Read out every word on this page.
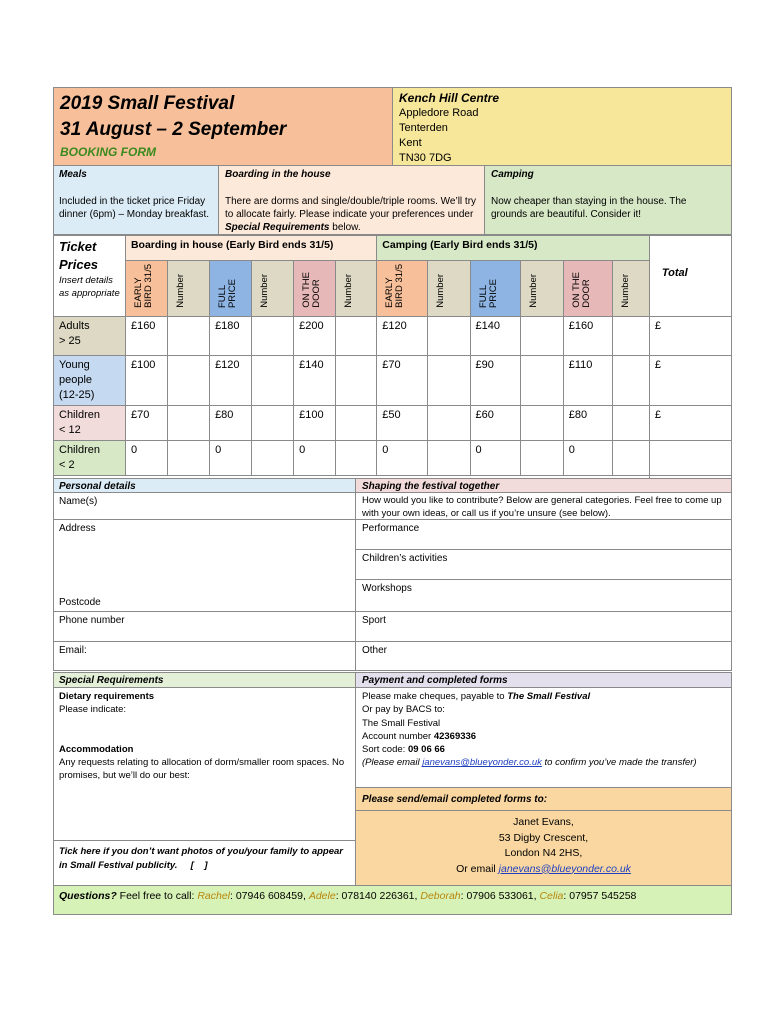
2019 Small Festival
31 August – 2 September
BOOKING FORM
Kench Hill Centre
Appledore Road
Tenterden
Kent
TN30 7DG
Meals
Included in the ticket price Friday dinner (6pm) – Monday breakfast.
Boarding in the house
There are dorms and single/double/triple rooms. We’ll try to allocate fairly. Please indicate your preferences under Special Requirements below.
Camping
Now cheaper than staying in the house. The grounds are beautiful. Consider it!
Ticket
Prices
Insert details as appropriate	Boarding in house (Early Bird ends 31/5)						Camping (Early Bird ends 31/5)						Total
	EARLY
BIRD 31/5	Number	FULL
PRICE	Number	ON THE
DOOR	Number	EARLY
BIRD 31/5	Number	FULL
PRICE	Number	ON THE
DOOR	Number	
Adults
> 25	£160		£180		£200		£120		£140		£160		£
Young
people
(12-25)	£100		£120		£140		£70		£90		£110		£
Children
< 12	£70		£80		£100		£50		£60		£80		£
Children
< 2	0		0		0		0		0		0		

Personal details
Name(s)
Address
Postcode
Phone number
Email:
Shaping the festival together
How would you like to contribute? Below are general categories. Feel free to come up with your own ideas, or call us if you’re unsure (see below).
Performance
Children’s activities
Workshops
Sport
Other
Special Requirements
Dietary requirements
Please indicate:
Accommodation
Any requests relating to allocation of dorm/smaller room spaces. No promises, but we’ll do our best:
Tick here if you don’t want photos of you/your family to appear in Small Festival publicity.     [    ]
Payment and completed forms
Please make cheques, payable to The Small Festival
Or pay by BACS to:
The Small Festival
Account number 42369336
Sort code: 09 06 66
(Please email janevans@blueyonder.co.uk to confirm you’ve made the transfer)
Please send/email completed forms to:
Janet Evans,
53 Digby Crescent,
London N4 2HS,
Or email janevans@blueyonder.co.uk
Questions? Feel free to call: Rachel: 07946 608459, Adele: 078140 226361, Deborah: 07906 533061, Celia: 07957 545258
